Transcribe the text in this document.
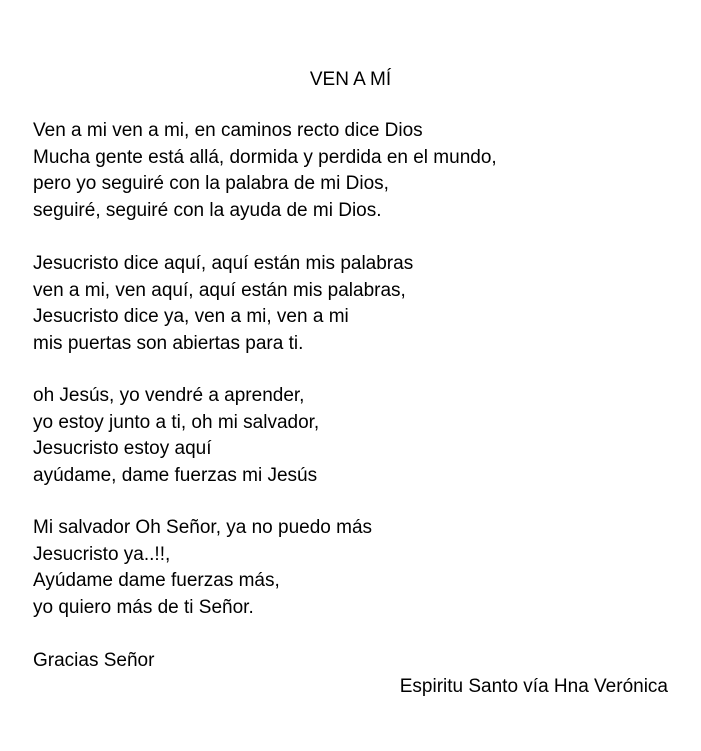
VEN A MÍ
Ven a mi ven a mi, en caminos recto dice Dios
Mucha gente está allá, dormida y perdida en el mundo,
pero yo seguiré con la palabra de mi Dios,
seguiré, seguiré con la ayuda de mi Dios.
Jesucristo dice aquí, aquí están mis palabras
ven a mi, ven aquí, aquí están mis palabras,
Jesucristo dice ya, ven a mi, ven a mi
mis puertas son abiertas para ti.
oh Jesús, yo vendré a aprender,
yo estoy junto a ti, oh mi salvador,
Jesucristo estoy aquí
ayúdame, dame fuerzas mi Jesús
Mi salvador Oh Señor, ya no puedo más
Jesucristo ya..!!,
Ayúdame dame fuerzas más,
yo quiero más de ti Señor.
Gracias Señor
Espiritu Santo vía Hna Verónica
